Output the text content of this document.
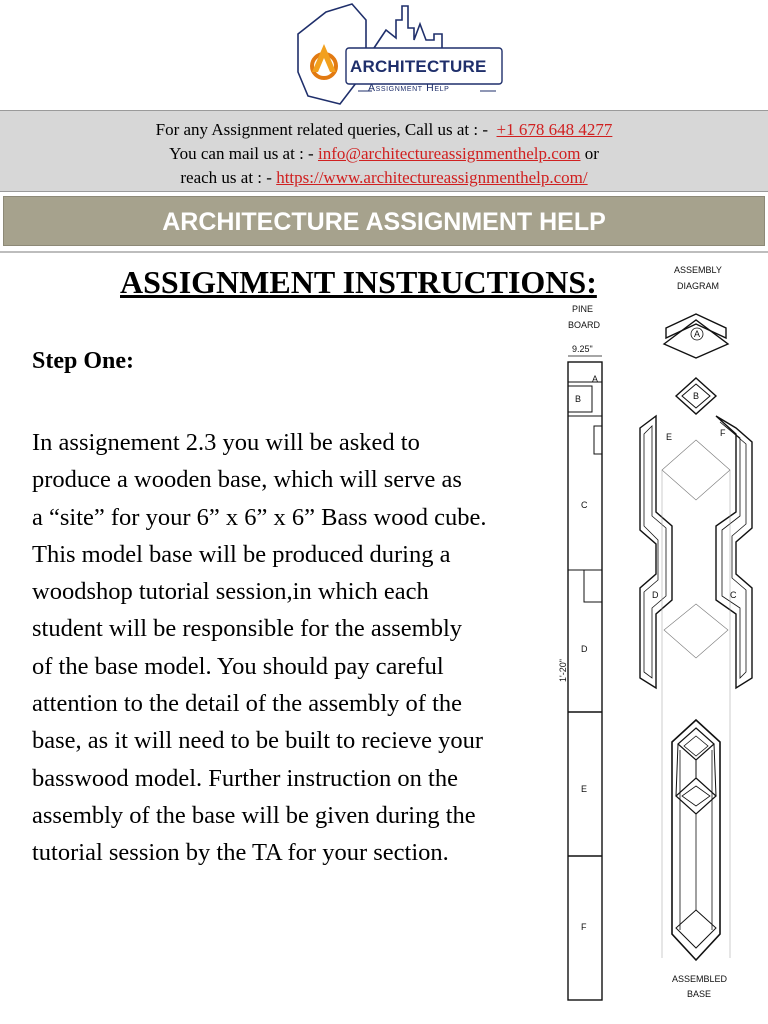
ARCHITECTURE
Assignment Help
For any Assignment related queries, Call us at : - +1 678 648 4277
You can mail us at : - info@architectureassignmenthelp.com or
reach us at : - https://www.architectureassignmenthelp.com/
ARCHITECTURE ASSIGNMENT HELP
ASSIGNMENT INSTRUCTIONS:
Step One:
In assignement 2.3 you will be asked to
produce a wooden base, which will serve as
a “site” for your 6” x 6” x 6” Bass wood cube.
This model base will be produced during a
woodshop tutorial session,in which each
student will be responsible for the assembly
of the base model. You should pay careful
attention to the detail of the assembly of the
base, as it will need to be built to recieve your
basswood model. Further instruction on the
assembly of the base will be given during the
tutorial session by the TA for your section.
PINE
BOARD
9.25"
ASSEMBLY
DIAGRAM
ASSEMBLED
BASE
A
B
C
D
E
F
1'-20"
A
B
E
D
F
C
